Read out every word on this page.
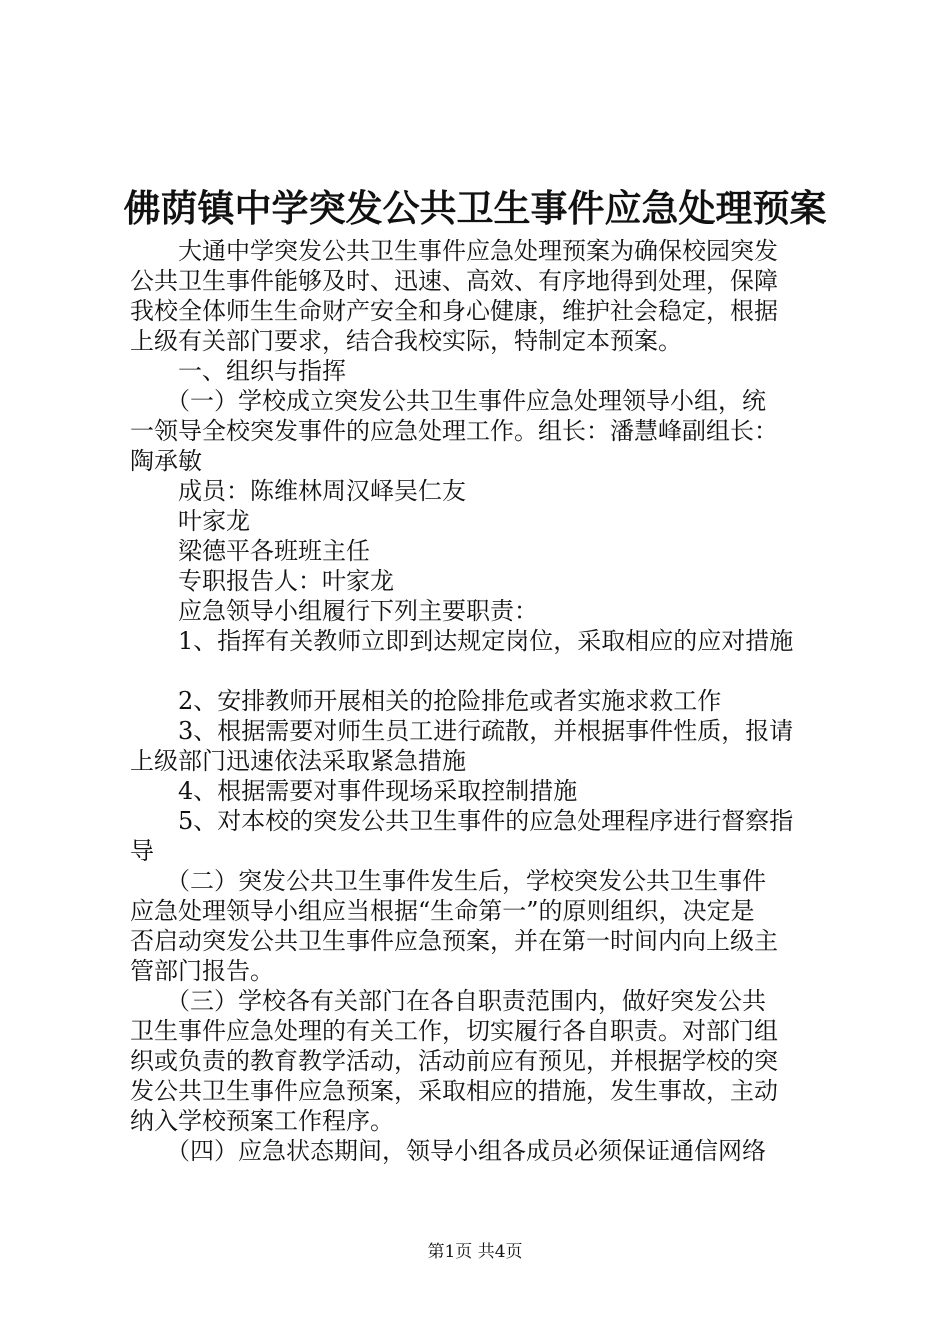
佛荫镇中学突发公共卫生事件应急处理预案
　　大通中学突发公共卫生事件应急处理预案为确保校园突发
公共卫生事件能够及时、迅速、高效、有序地得到处理，保障
我校全体师生生命财产安全和身心健康，维护社会稳定，根据
上级有关部门要求，结合我校实际，特制定本预案。
　　一、组织与指挥
　　（一）学校成立突发公共卫生事件应急处理领导小组，统
一领导全校突发事件的应急处理工作。组长：潘慧峰副组长：
陶承敏
　　成员：陈维林周汉峄吴仁友
　　叶家龙
　　梁德平各班班主任
　　专职报告人：叶家龙
　　应急领导小组履行下列主要职责：
　　1、指挥有关教师立即到达规定岗位，采取相应的应对措施
　　2、安排教师开展相关的抢险排危或者实施求救工作
　　3、根据需要对师生员工进行疏散，并根据事件性质，报请
上级部门迅速依法采取紧急措施
　　4、根据需要对事件现场采取控制措施
　　5、对本校的突发公共卫生事件的应急处理程序进行督察指
导
　　（二）突发公共卫生事件发生后，学校突发公共卫生事件
应急处理领导小组应当根据“生命第一”的原则组织，决定是
否启动突发公共卫生事件应急预案，并在第一时间内向上级主
管部门报告。
　　（三）学校各有关部门在各自职责范围内，做好突发公共
卫生事件应急处理的有关工作，切实履行各自职责。对部门组
织或负责的教育教学活动，活动前应有预见，并根据学校的突
发公共卫生事件应急预案，采取相应的措施，发生事故，主动
纳入学校预案工作程序。
　　（四）应急状态期间，领导小组各成员必须保证通信网络
第1页 共4页
